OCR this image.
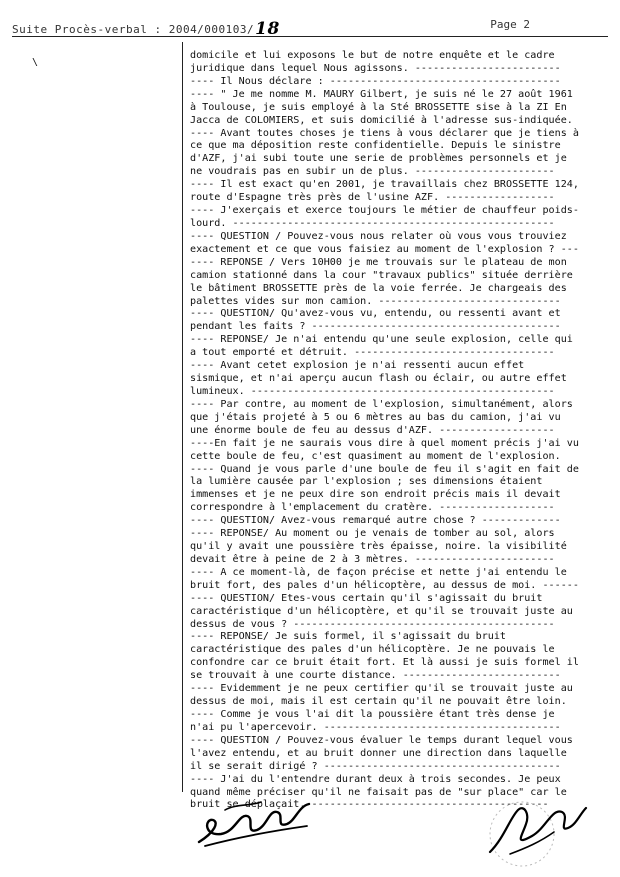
Suite Procès-verbal : 2004/000103/18	Page 2
\
domicile et lui exposons le but de notre enquête et le cadre
juridique dans lequel Nous agissons. ------------------------
---- Il Nous déclare : --------------------------------------
---- " Je me nomme M. MAURY Gilbert, je suis né le 27 août 1961
à Toulouse, je suis employé à la Sté BROSSETTE sise à la ZI En
Jacca de COLOMIERS, et suis domicilié à l'adresse sus-indiquée.
---- Avant toutes choses je tiens à vous déclarer que je tiens à
ce que ma déposition reste confidentielle. Depuis le sinistre
d'AZF, j'ai subi toute une serie de problèmes personnels et je
ne voudrais pas en subir un de plus. -----------------------
---- Il est exact qu'en 2001, je travaillais chez BROSSETTE 124,
route d'Espagne très près de l'usine AZF. ------------------
---- J'exerçais et exerce toujours le métier de chauffeur poids-
lourd. -----------------------------------------------------
---- QUESTION / Pouvez-vous nous relater où vous vous trouviez
exactement et ce que vous faisiez au moment de l'explosion ? ---
---- REPONSE / Vers 10H00 je me trouvais sur le plateau de mon
camion stationné dans la cour "travaux publics" située derrière
le bâtiment BROSSETTE près de la voie ferrée. Je chargeais des
palettes vides sur mon camion. ------------------------------
---- QUESTION/ Qu'avez-vous vu, entendu, ou ressenti avant et
pendant les faits ? -----------------------------------------
---- REPONSE/ Je n'ai entendu qu'une seule explosion, celle qui
a tout emporté et détruit. ---------------------------------
---- Avant cetet explosion je n'ai ressenti aucun effet
sismique, et n'ai aperçu aucun flash ou éclair, ou autre effet
lumineux. --------------------------------------------------
---- Par contre, au moment de l'explosion, simultanément, alors
que j'étais projeté à 5 ou 6 mètres au bas du camion, j'ai vu
une énorme boule de feu au dessus d'AZF. -------------------
----En fait je ne saurais vous dire à quel moment précis j'ai vu
cette boule de feu, c'est quasiment au moment de l'explosion.
---- Quand je vous parle d'une boule de feu il s'agit en fait de
la lumière causée par l'explosion ; ses dimensions étaient
immenses et je ne peux dire son endroit précis mais il devait
correspondre à l'emplacement du cratère. -------------------
---- QUESTION/ Avez-vous remarqué autre chose ? -------------
---- REPONSE/ Au moment ou je venais de tomber au sol, alors
qu'il y avait une poussière très épaisse, noire. la visibilité
devait être à peine de 2 à 3 mètres. -----------------------
---- A ce moment-là, de façon précise et nette j'ai entendu le
bruit fort, des pales d'un hélicoptère, au dessus de moi. ------
---- QUESTION/ Etes-vous certain qu'il s'agissait du bruit
caractéristique d'un hélicoptère, et qu'il se trouvait juste au
dessus de vous ? -------------------------------------------
---- REPONSE/ Je suis formel, il s'agissait du bruit
caractéristique des pales d'un hélicoptère. Je ne pouvais le
confondre car ce bruit était fort. Et là aussi je suis formel il
se trouvait à une courte distance. --------------------------
---- Evidemment je ne peux certifier qu'il se trouvait juste au
dessus de moi, mais il est certain qu'il ne pouvait être loin.
---- Comme je vous l'ai dit la poussière étant très dense je
n'ai pu l'apercevoir. ---------------------------------------
---- QUESTION / Pouvez-vous évaluer le temps durant lequel vous
l'avez entendu, et au bruit donner une direction dans laquelle
il se serait dirigé ? ---------------------------------------
---- J'ai du l'entendre durant deux à trois secondes. Je peux
quand même préciser qu'il ne faisait pas de "sur place" car le
bruit se déplaçait. ---------------------------------------
